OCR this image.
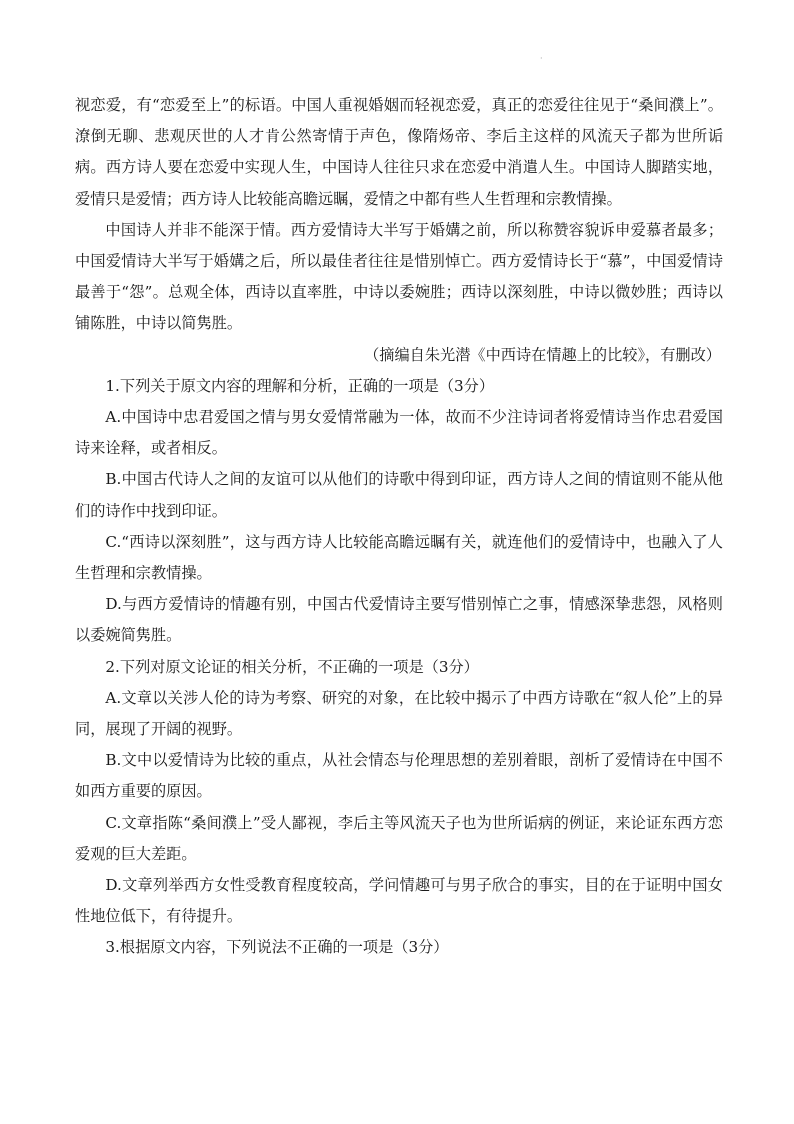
·

视恋爱，有“恋爱至上”的标语。中国人重视婚姻而轻视恋爱，真正的恋爱往往见于“桑间濮上”。潦倒无聊、悲观厌世的人才肯公然寄情于声色，像隋炀帝、李后主这样的风流天子都为世所诟病。西方诗人要在恋爱中实现人生，中国诗人往往只求在恋爱中消遣人生。中国诗人脚踏实地，爱情只是爱情；西方诗人比较能高瞻远瞩，爱情之中都有些人生哲理和宗教情操。

中国诗人并非不能深于情。西方爱情诗大半写于婚媾之前，所以称赞容貌诉申爱慕者最多；中国爱情诗大半写于婚媾之后，所以最佳者往往是惜别悼亡。西方爱情诗长于“慕”，中国爱情诗最善于“怨”。总观全体，西诗以直率胜，中诗以委婉胜；西诗以深刻胜，中诗以微妙胜；西诗以铺陈胜，中诗以简隽胜。

（摘编自朱光潜《中西诗在情趣上的比较》，有删改）

1.下列关于原文内容的理解和分析，正确的一项是（3分）

A.中国诗中忠君爱国之情与男女爱情常融为一体，故而不少注诗词者将爱情诗当作忠君爱国诗来诠释，或者相反。

B.中国古代诗人之间的友谊可以从他们的诗歌中得到印证，西方诗人之间的情谊则不能从他们的诗作中找到印证。

C.“西诗以深刻胜”，这与西方诗人比较能高瞻远瞩有关，就连他们的爱情诗中，也融入了人生哲理和宗教情操。

D.与西方爱情诗的情趣有别，中国古代爱情诗主要写惜别悼亡之事，情感深挚悲怨，风格则以委婉简隽胜。

2.下列对原文论证的相关分析，不正确的一项是（3分）

A.文章以关涉人伦的诗为考察、研究的对象，在比较中揭示了中西方诗歌在“叙人伦”上的异同，展现了开阔的视野。

B.文中以爱情诗为比较的重点，从社会情态与伦理思想的差别着眼，剖析了爱情诗在中国不如西方重要的原因。

C.文章指陈“桑间濮上”受人鄙视，李后主等风流天子也为世所诟病的例证，来论证东西方恋爱观的巨大差距。

D.文章列举西方女性受教育程度较高，学问情趣可与男子欣合的事实，目的在于证明中国女性地位低下，有待提升。

3.根据原文内容，下列说法不正确的一项是（3分）
